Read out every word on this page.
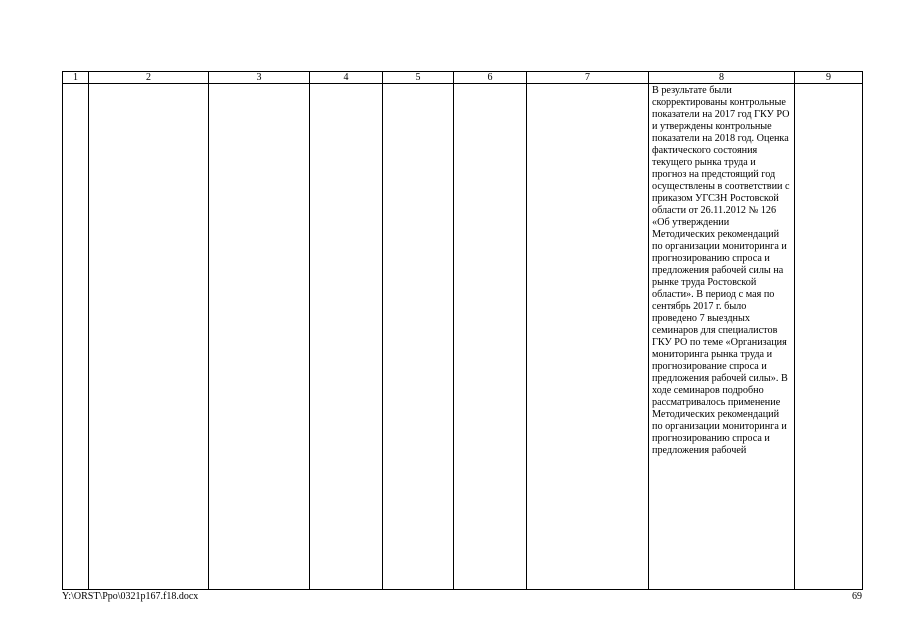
1	2	3	4	5	6	7	8	9

							В результате были скорректированы контрольные показатели на 2017 год ГКУ РО и утверждены контрольные показатели на 2018 год. Оценка фактического состояния текущего рынка труда и прогноз на предстоящий год осуществлены в соответствии с приказом УГСЗН Ростовской области от 26.11.2012 № 126 «Об утверждении Методических рекомендаций по организации мониторинга и прогнозированию спроса и предложения рабочей силы на рынке труда Ростовской области». В период с мая по сентябрь 2017 г. было проведено 7 выездных семинаров для специалистов ГКУ РО по теме «Организация мониторинга рынка труда и прогнозирование спроса и предложения рабочей силы». В ходе семинаров подробно рассматривалось применение Методических рекомендаций по организации мониторинга и прогнозированию спроса и предложения рабочей	

Y:\ORST\Ppo\0321p167.f18.docx	69
